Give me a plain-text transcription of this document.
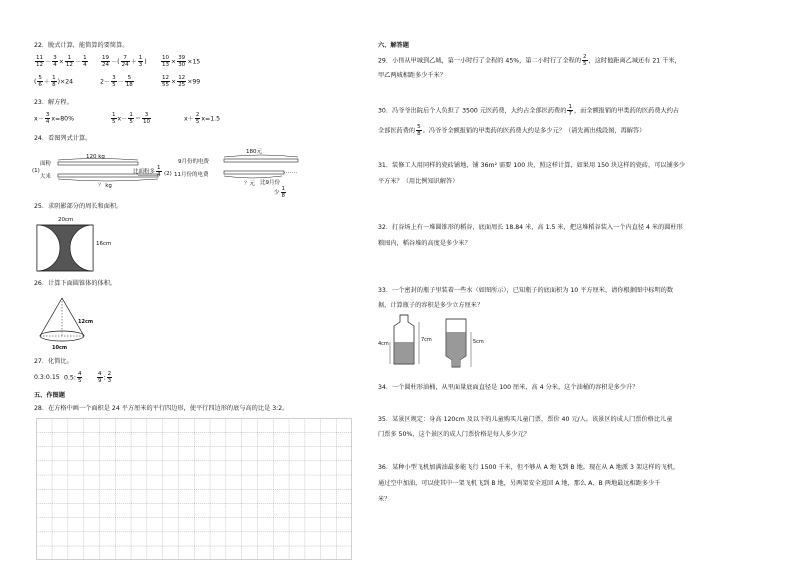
22．脱式计算，能简算的要简算。
$\frac{11}{12} - \frac{3}{4} \times \frac{1}{12} - \frac{1}{4} \frac{19}{24}$ －( $\frac{7}{24} + \frac{1}{3}$ )	$\frac{10}{13} \times \frac{39}{30} \times 15$
( $\frac{5}{6} + \frac{1}{8} )\times 24$	$2- \frac{3}{5} - \frac{5}{18}$	$\frac{12}{55} \times \frac{12}{25} \times 99$
23．解方程。
$x- \frac{3}{4} x=80\%$	$\frac{1}{5} x- \frac{1}{5} = \frac{3}{10}$	$x+ \frac{2}{5} x=1.5$
24．看图列式计算。
120 kg
面粉
(1)
大米
？ kg
比面粉多 $\frac{1}{4} (2)$
180元
9月份的电费
11月份的电费
？元 比9月份
少 $\frac{1}{8}$
25．求阴影部分的周长和面积。
20cm
16cm
26．计算下面圆锥体的体积。
12cm
10cm
27．化简比。
0.3:0.15 0.5: $\frac{4}{5}$	$\frac{4}{9}$ : $\frac{2}{3}$
五、作图题
28．在方格中画一个面积是 24 平方厘米的平行四边形，使平行四边形的底与高的比是 3:2。
六、解答题
29．小伟从甲城到乙城，第一小时行了全程的 45%，第二小时行了全程的 $\frac{2}{5}$ ，这时他距离乙城还有 21 千米，
甲乙两城相距多少千米？
30．冯爷爷出院后个人负担了 3500 元医药费，大约占全部医药费的 $\frac{1}{7}$ ，而全额报销的甲类药的医药费大约占
全部医药费的 $\frac{5}{8}$ 。冯爷爷全额报销的甲类药的医药费大约是多少元？（请先画出线段图，再解答）
31．装修工人用同样的瓷砖铺地，铺 36m² 需要 100 块，照这样计算，如果用 150 块这样的瓷砖，可以铺多少
平方米？（用比例知识解答）
32．打谷场上有一堆圆锥形的稻谷，底面周长 18.84 米，高 1.5 米，把这堆稻谷装入一个内直径 4 米的圆柱形
粮囤内，稻谷堆的高度是多少米？
33．一个密封的瓶子里装着一些水（如图所示），已知瓶子的底面积为 10 平方厘米，请你根据图中标明的数
据，计算瓶子的容积是多少立方厘米？
4cm
7cm	5cm
34．一个圆柱形油桶，从里面量底面直径是 100 厘米，高 4 分米，这个油桶的容积是多少升？
35．某景区规定：身高 120cm 及以下的儿童购买儿童门票，票价 40 元/人。该景区的成人门票价格比儿童
门票多 50%，这个景区的成人门票价格是每人多少元？
36．某种小型飞机加满油最多能飞行 1500 千米，但不够从 A 地飞到 B 地。现在从 A 地派 3 架这样的飞机，
通过空中加油，可以使其中一架飞机飞到 B 地，另两架安全返回 A 地，那么 A、B 两地最远相距多少千
米？
